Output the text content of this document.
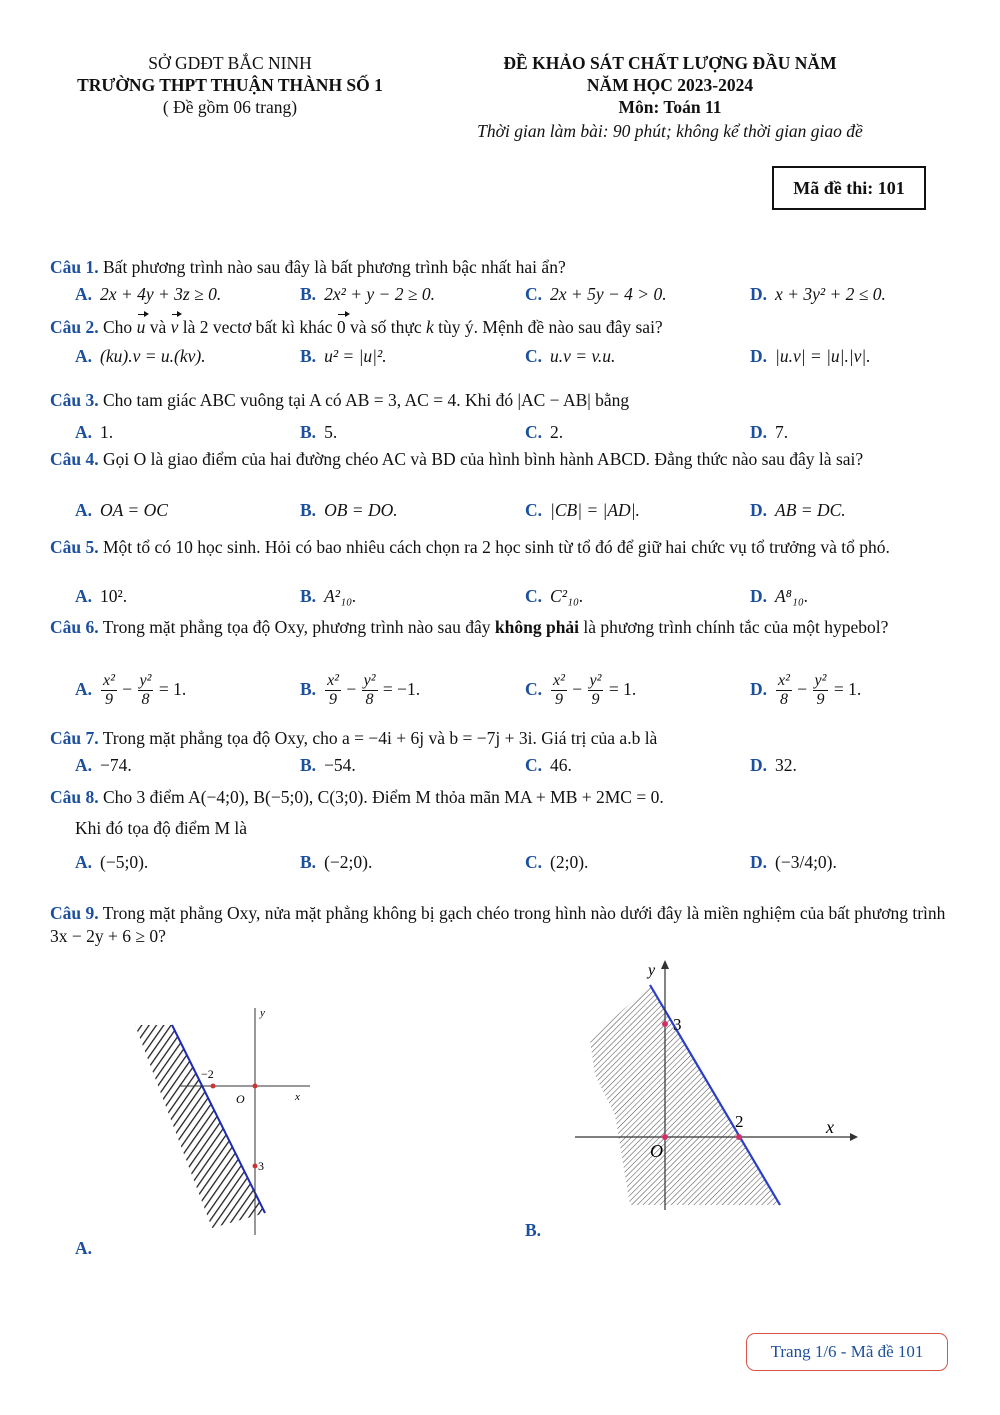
SỞ GDĐT BẮC NINH
TRƯỜNG THPT THUẬN THÀNH SỐ 1
( Đề gồm 06 trang)
ĐỀ KHẢO SÁT CHẤT LƯỢNG ĐẦU NĂM
NĂM HỌC 2023-2024
Môn: Toán 11
Thời gian làm bài: 90 phút; không kể thời gian giao đề
Mã đề thi: 101
Câu 1. Bất phương trình nào sau đây là bất phương trình bậc nhất hai ẩn?
A. 2x + 4y + 3z ≥ 0.	B. 2x² + y − 2 ≥ 0.	C. 2x + 5y − 4 > 0.	D. x + 3y² + 2 ≤ 0.
Câu 2. Cho u và v là 2 vectơ bất kì khác 0 và số thực k tùy ý. Mệnh đề nào sau đây sai?
A. (ku).v = u.(kv).	B. u² = |u|².	C. u.v = v.u.	D. |u.v| = |u|.|v|.
Câu 3. Cho tam giác ABC vuông tại A có AB = 3, AC = 4. Khi đó |AC − AB| bằng
A. 1.	B. 5.	C. 2.	D. 7.
Câu 4. Gọi O là giao điểm của hai đường chéo AC và BD của hình bình hành ABCD. Đẳng thức nào sau đây là sai?
A. OA = OC	B. OB = DO.	C. |CB| = |AD|.	D. AB = DC.
Câu 5. Một tổ có 10 học sinh. Hỏi có bao nhiêu cách chọn ra 2 học sinh từ tổ đó để giữ hai chức vụ tổ trưởng và tổ phó.
A. 10².	B. A²₁₀.	C. C²₁₀.	D. A⁸₁₀.
Câu 6. Trong mặt phẳng tọa độ Oxy, phương trình nào sau đây không phải là phương trình chính tắc của một hypebol?
A. $\frac{\text{x²}}{9} - \frac{\text{y²}}{8} = 1$.	B. $\frac{\text{x²}}{9} - \frac{\text{y²}}{8} = -1$.	C. $\frac{\text{x²}}{9} - \frac{\text{y²}}{9} = 1$.	D. $\frac{\text{x²}}{8} - \frac{\text{y²}}{9} = 1$.
Câu 7. Trong mặt phẳng tọa độ Oxy, cho a = −4i + 6j và b = −7j + 3i. Giá trị của a.b là
A. −74.	B. −54.	C. 46.	D. 32.
Câu 8. Cho 3 điểm A(−4;0), B(−5;0), C(3;0). Điểm M thỏa mãn MA + MB + 2MC = 0.
Khi đó tọa độ điểm M là
A. (−5;0).	B. (−2;0).	C. (2;0).	D. (−3/4;0).
Câu 9. Trong mặt phẳng Oxy, nửa mặt phẳng không bị gạch chéo trong hình nào dưới đây là miền nghiệm của bất phương trình 3x − 2y + 6 ≥ 0?
y
x
O
−2
3
A.
y
x
O
3
2
B.
Trang 1/6 - Mã đề 101
